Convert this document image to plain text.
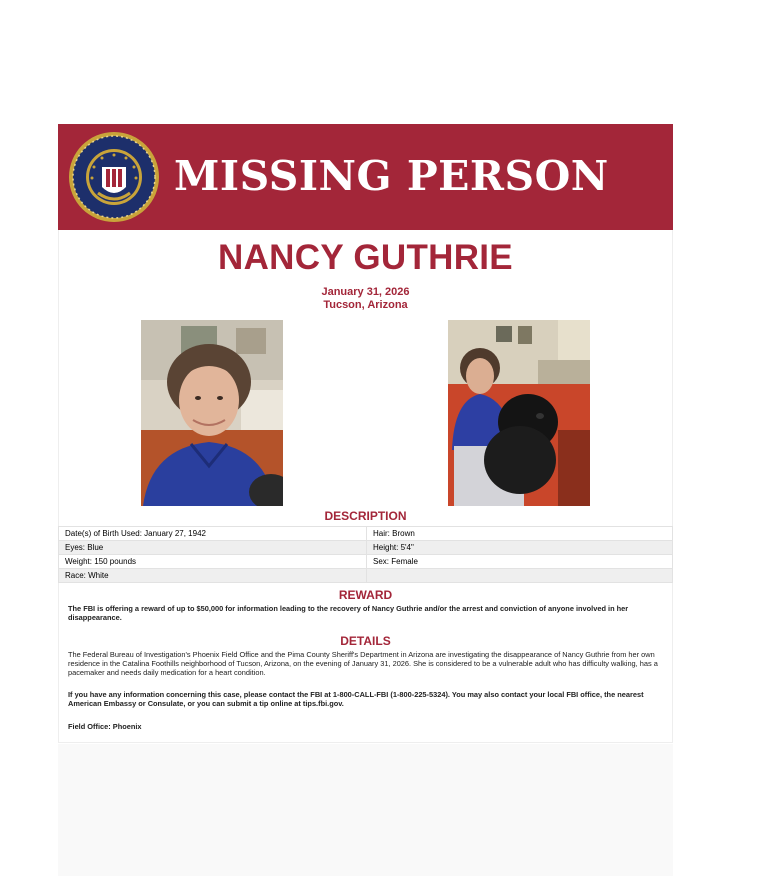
MISSING PERSON
NANCY GUTHRIE
January 31, 2026
Tucson, Arizona
DESCRIPTION
Date(s) of Birth Used: January 27, 1942	Hair: Brown
Eyes: Blue	Height: 5'4"
Weight: 150 pounds	Sex: Female
Race: White	
REWARD
The FBI is offering a reward of up to $50,000 for information leading to the recovery of Nancy Guthrie and/or the arrest and conviction of anyone involved in her disappearance.
DETAILS
The Federal Bureau of Investigation's Phoenix Field Office and the Pima County Sheriff's Department in Arizona are investigating the disappearance of Nancy Guthrie from her own residence in the Catalina Foothills neighborhood of Tucson, Arizona, on the evening of January 31, 2026. She is considered to be a vulnerable adult who has difficulty walking, has a pacemaker and needs daily medication for a heart condition.
If you have any information concerning this case, please contact the FBI at 1-800-CALL-FBI (1-800-225-5324). You may also contact your local FBI office, the nearest American Embassy or Consulate, or you can submit a tip online at tips.fbi.gov.
Field Office: Phoenix
